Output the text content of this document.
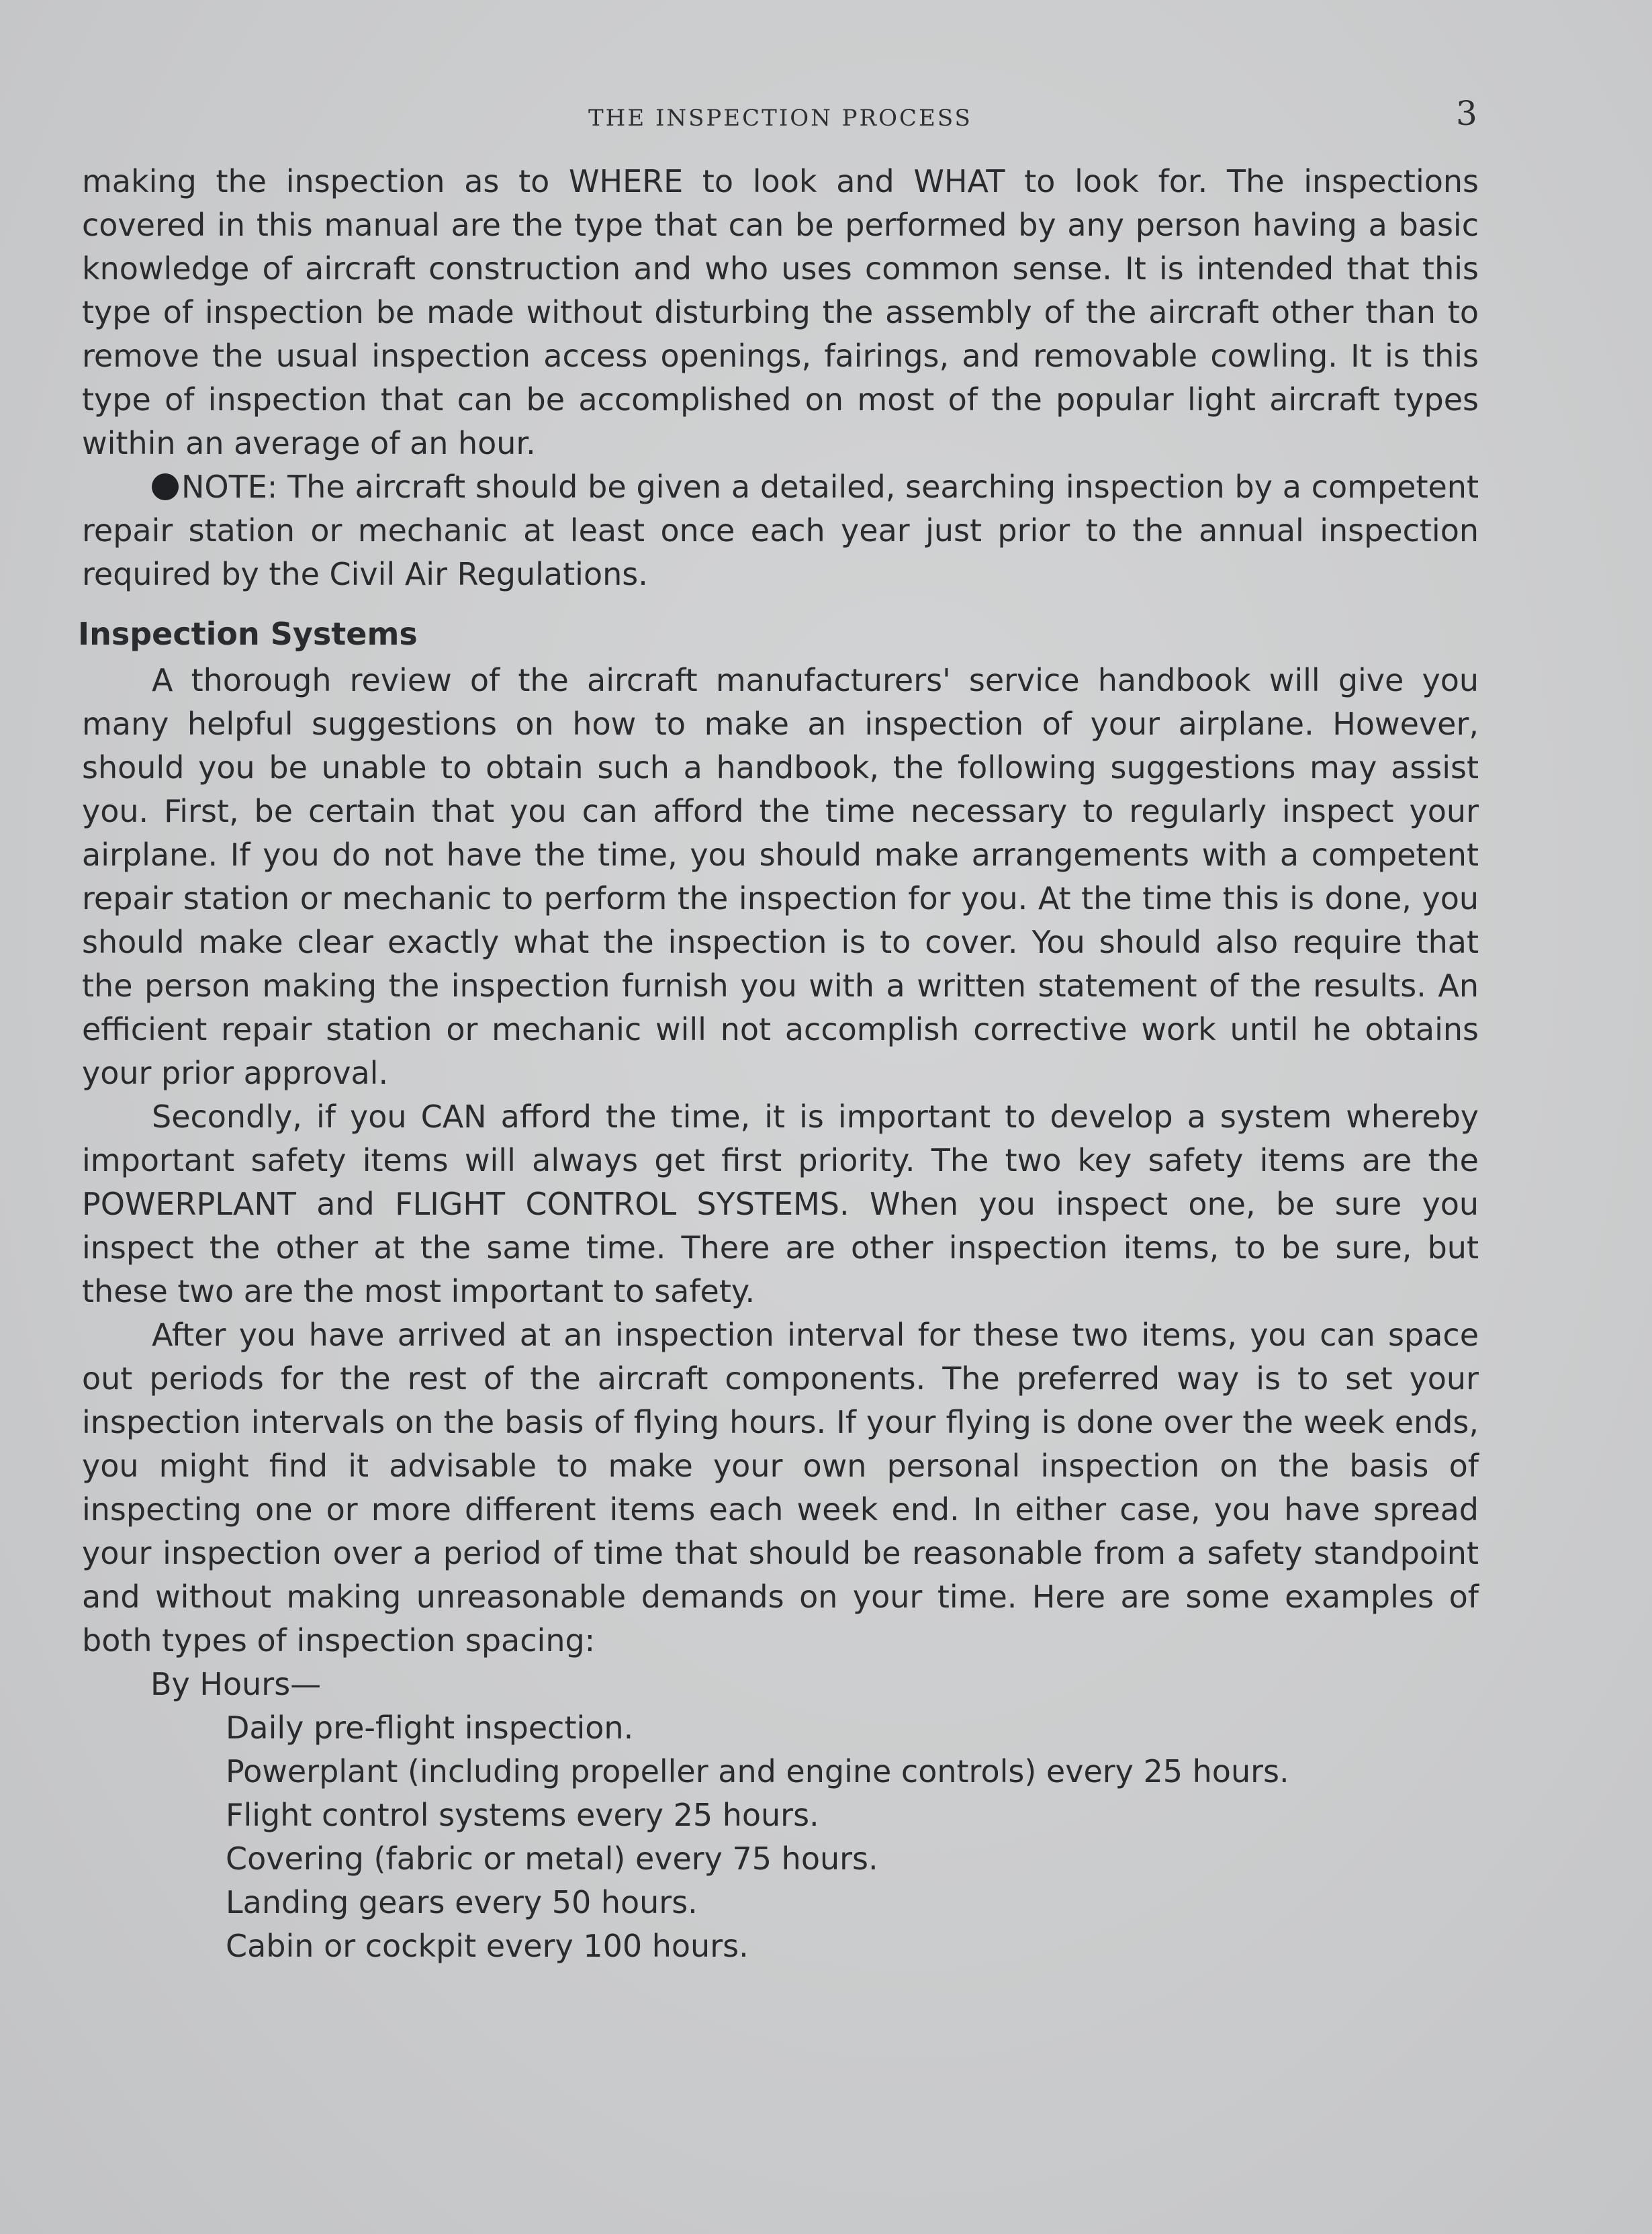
THE INSPECTION PROCESS	3

making the inspection as to WHERE to look and WHAT to look for. The inspections covered in this manual are the type that can be performed by any person having a basic knowledge of aircraft construction and who uses common sense. It is intended that this type of inspection be made without disturbing the assembly of the aircraft other than to remove the usual inspection access openings, fairings, and removable cowling. It is this type of inspection that can be accomplished on most of the popular light aircraft types within an average of an hour.

NOTE: The aircraft should be given a detailed, searching inspection by a competent repair station or mechanic at least once each year just prior to the annual inspection required by the Civil Air Regulations.

Inspection Systems

A thorough review of the aircraft manufacturers' service handbook will give you many helpful suggestions on how to make an inspection of your airplane. However, should you be unable to obtain such a handbook, the following suggestions may assist you. First, be certain that you can afford the time necessary to regularly inspect your airplane. If you do not have the time, you should make arrangements with a competent repair station or mechanic to perform the inspection for you. At the time this is done, you should make clear exactly what the inspection is to cover. You should also require that the person making the inspection furnish you with a written statement of the results. An efficient repair station or mechanic will not accomplish corrective work until he obtains your prior approval.

Secondly, if you CAN afford the time, it is important to develop a system whereby important safety items will always get first priority. The two key safety items are the POWERPLANT and FLIGHT CONTROL SYSTEMS. When you inspect one, be sure you inspect the other at the same time. There are other inspection items, to be sure, but these two are the most important to safety.

After you have arrived at an inspection interval for these two items, you can space out periods for the rest of the aircraft components. The preferred way is to set your inspection intervals on the basis of flying hours. If your flying is done over the week ends, you might find it advisable to make your own personal inspection on the basis of inspecting one or more different items each week end. In either case, you have spread your inspection over a period of time that should be reasonable from a safety standpoint and without making unreasonable demands on your time. Here are some examples of both types of inspection spacing:

By Hours—

Daily pre-flight inspection.
Powerplant (including propeller and engine controls) every 25 hours.
Flight control systems every 25 hours.
Covering (fabric or metal) every 75 hours.
Landing gears every 50 hours.
Cabin or cockpit every 100 hours.
